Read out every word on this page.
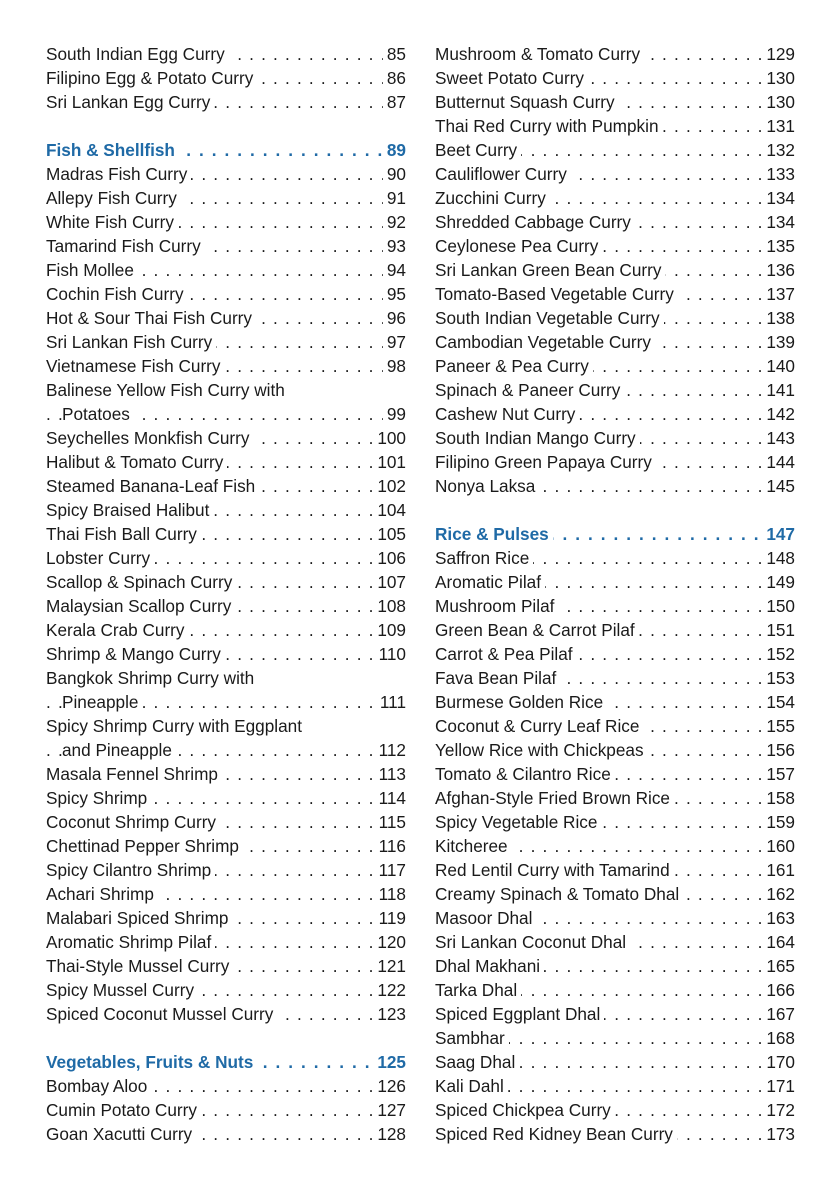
. . .
South Indian Egg Curry	85
. . .
Filipino Egg & Potato Curry	86
. . .
Sri Lankan Egg Curry	87
. . .
Fish & Shellfish	89
. . .
Madras Fish Curry	90
. . .
Allepy Fish Curry	91
. . .
White Fish Curry	92
. . .
Tamarind Fish Curry	93
. . .
Fish Mollee	94
. . .
Cochin Fish Curry	95
. . .
Hot & Sour Thai Fish Curry	96
. . .
Sri Lankan Fish Curry	97
. . .
Vietnamese Fish Curry	98
Balinese Yellow Fish Curry with
. . .
Potatoes	99
. . .
Seychelles Monkfish Curry	100
. . .
Halibut & Tomato Curry	101
. . .
Steamed Banana-Leaf Fish	102
. . .
Spicy Braised Halibut	104
. . .
Thai Fish Ball Curry	105
. . .
Lobster Curry	106
. . .
Scallop & Spinach Curry	107
. . .
Malaysian Scallop Curry	108
. . .
Kerala Crab Curry	109
. . .
Shrimp & Mango Curry	110
Bangkok Shrimp Curry with
. . .
Pineapple	111
Spicy Shrimp Curry with Eggplant
. . .
and Pineapple	112
. . .
Masala Fennel Shrimp	113
. . .
Spicy Shrimp	114
. . .
Coconut Shrimp Curry	115
. . .
Chettinad Pepper Shrimp	116
. . .
Spicy Cilantro Shrimp	117
. . .
Achari Shrimp	118
. . .
Malabari Spiced Shrimp	119
. . .
Aromatic Shrimp Pilaf	120
. . .
Thai-Style Mussel Curry	121
. . .
Spicy Mussel Curry	122
. . .
Spiced Coconut Mussel Curry	123
. . .
Vegetables, Fruits & Nuts	125
. . .
Bombay Aloo	126
. . .
Cumin Potato Curry	127
. . .
Goan Xacutti Curry	128
. . .
Mushroom & Tomato Curry	129
. . .
Sweet Potato Curry	130
. . .
Butternut Squash Curry	130
. . .
Thai Red Curry with Pumpkin	131
. . .
Beet Curry	132
. . .
Cauliflower Curry	133
. . .
Zucchini Curry	134
. . .
Shredded Cabbage Curry	134
. . .
Ceylonese Pea Curry	135
. . .
Sri Lankan Green Bean Curry	136
. . .
Tomato-Based Vegetable Curry	137
. . .
South Indian Vegetable Curry	138
. . .
Cambodian Vegetable Curry	139
. . .
Paneer & Pea Curry	140
. . .
Spinach & Paneer Curry	141
. . .
Cashew Nut Curry	142
. . .
South Indian Mango Curry	143
. . .
Filipino Green Papaya Curry	144
. . .
Nonya Laksa	145
. . .
Rice & Pulses	147
. . .
Saffron Rice	148
. . .
Aromatic Pilaf	149
. . .
Mushroom Pilaf	150
. . .
Green Bean & Carrot Pilaf	151
. . .
Carrot & Pea Pilaf	152
. . .
Fava Bean Pilaf	153
. . .
Burmese Golden Rice	154
. . .
Coconut & Curry Leaf Rice	155
. . .
Yellow Rice with Chickpeas	156
. . .
Tomato & Cilantro Rice	157
. . .
Afghan-Style Fried Brown Rice	158
. . .
Spicy Vegetable Rice	159
. . .
Kitcheree	160
. . .
Red Lentil Curry with Tamarind	161
. . .
Creamy Spinach & Tomato Dhal	162
. . .
Masoor Dhal	163
. . .
Sri Lankan Coconut Dhal	164
. . .
Dhal Makhani	165
. . .
Tarka Dhal	166
. . .
Spiced Eggplant Dhal	167
. . .
Sambhar	168
. . .
Saag Dhal	170
. . .
Kali Dahl	171
. . .
Spiced Chickpea Curry	172
. . .
Spiced Red Kidney Bean Curry	173
